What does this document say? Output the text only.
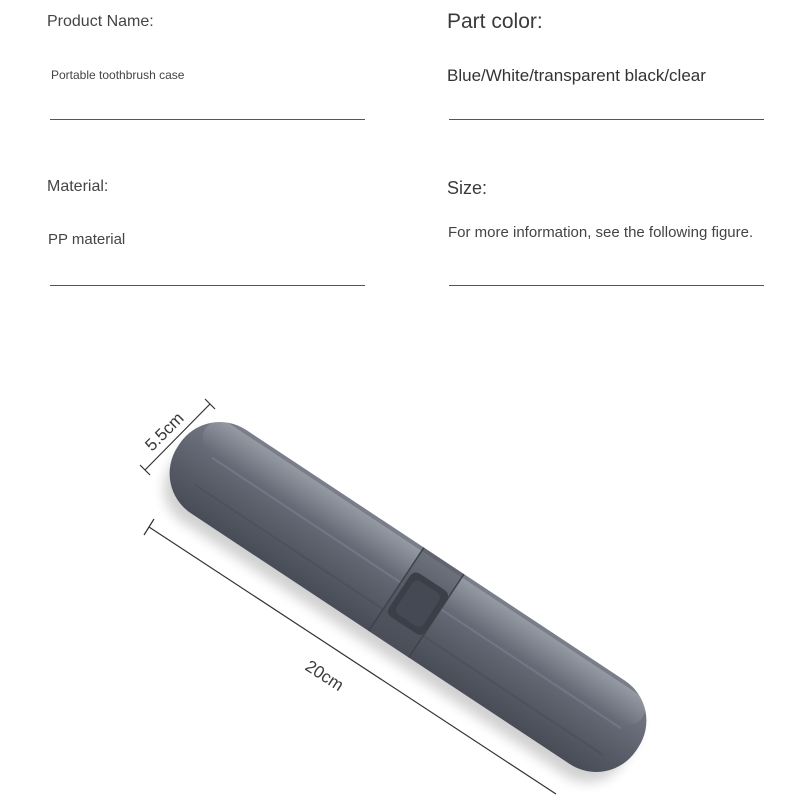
Product Name:
Portable toothbrush case
Part color:
Blue/White/transparent black/clear
Material:
PP material
Size:
For more information, see the following figure.
5.5cm
20cm
